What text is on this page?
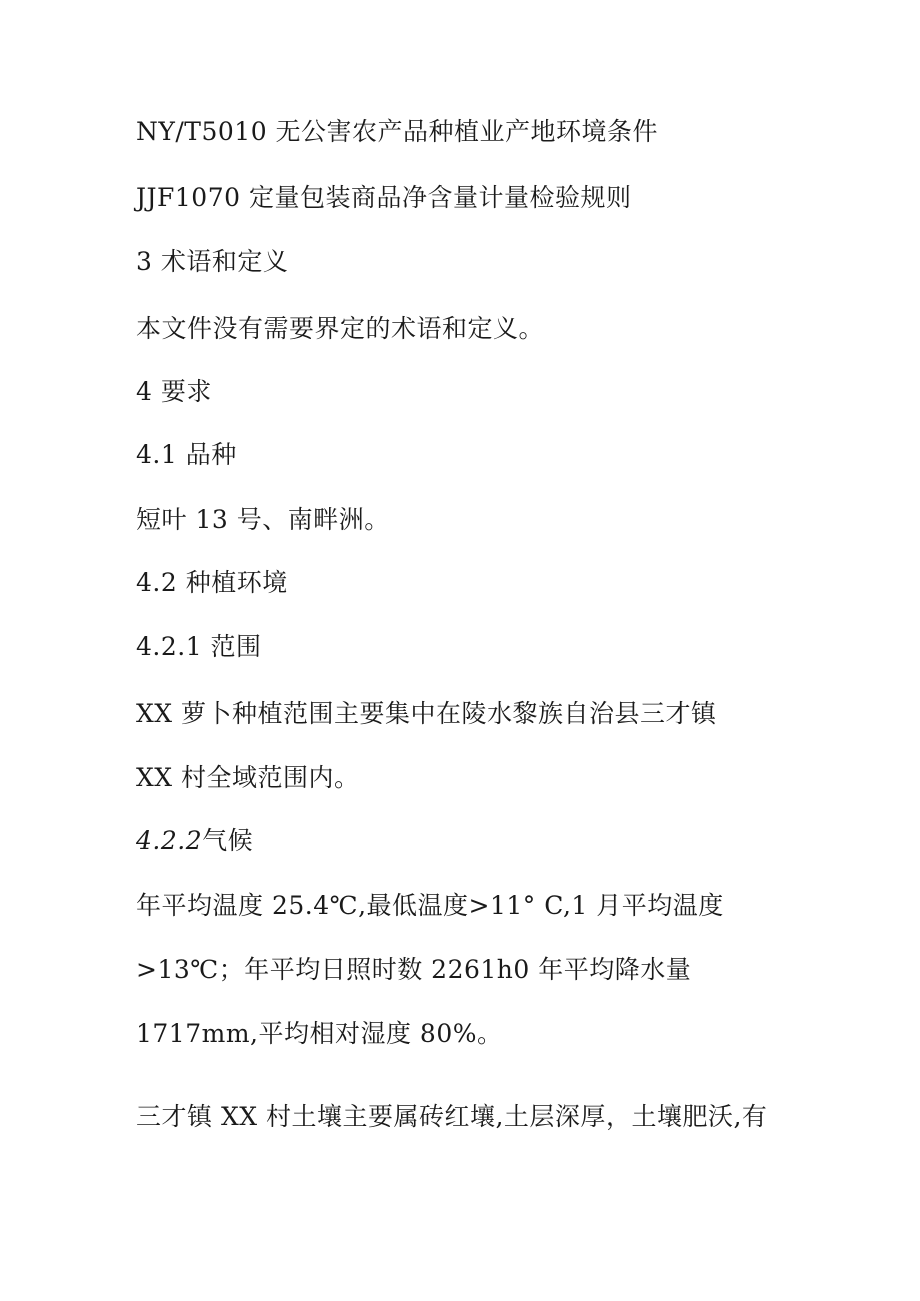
NY/T5010 无公害农产品种植业产地环境条件
JJF1070 定量包装商品净含量计量检验规则
3 术语和定义
本文件没有需要界定的术语和定义。
4 要求
4.1 品种
短叶 13 号、南畔洲。
4.2 种植环境
4.2.1 范围
XX 萝卜种植范围主要集中在陵水黎族自治县三才镇
XX 村全域范围内。
4.2.2气候
年平均温度 25.4℃,最低温度>11° C,1 月平均温度
>13℃；年平均日照时数 2261h0 年平均降水量
1717mm,平均相对湿度 80%。
三才镇 XX 村土壤主要属砖红壤,土层深厚，土壤肥沃,有
